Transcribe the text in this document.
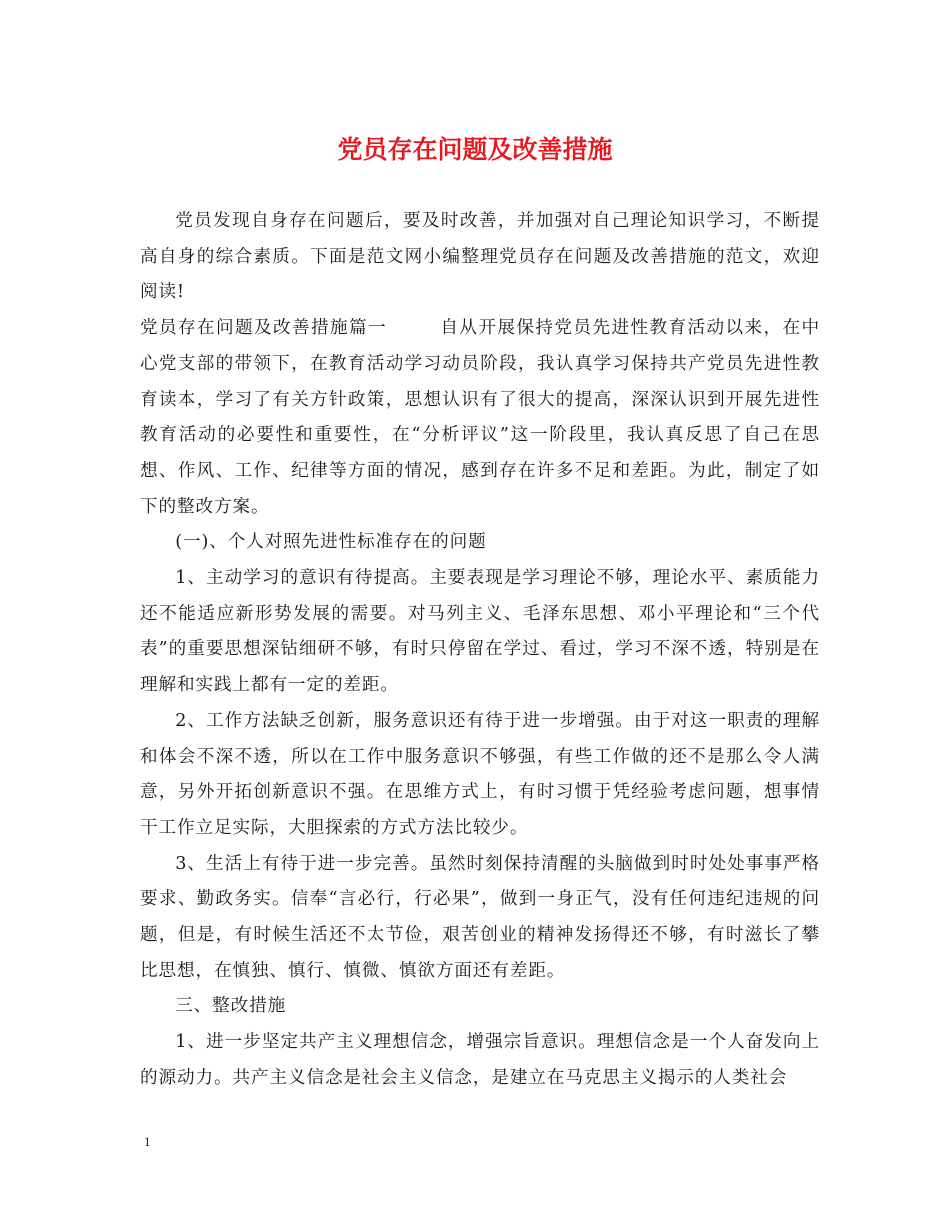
党员存在问题及改善措施

党员发现自身存在问题后，要及时改善，并加强对自己理论知识学习，不断提高自身的综合素质。下面是范文网小编整理党员存在问题及改善措施的范文，欢迎阅读!

党员存在问题及改善措施篇一	自从开展保持党员先进性教育活动以来，在中心党支部的带领下，在教育活动学习动员阶段，我认真学习保持共产党员先进性教育读本，学习了有关方针政策，思想认识有了很大的提高，深深认识到开展先进性教育活动的必要性和重要性，在“分析评议”这一阶段里，我认真反思了自己在思想、作风、工作、纪律等方面的情况，感到存在许多不足和差距。为此，制定了如下的整改方案。

(一)、个人对照先进性标准存在的问题

1、主动学习的意识有待提高。主要表现是学习理论不够，理论水平、素质能力还不能适应新形势发展的需要。对马列主义、毛泽东思想、邓小平理论和“三个代表”的重要思想深钻细研不够，有时只停留在学过、看过，学习不深不透，特别是在理解和实践上都有一定的差距。

2、工作方法缺乏创新，服务意识还有待于进一步增强。由于对这一职责的理解和体会不深不透，所以在工作中服务意识不够强，有些工作做的还不是那么令人满意，另外开拓创新意识不强。在思维方式上，有时习惯于凭经验考虑问题，想事情干工作立足实际，大胆探索的方式方法比较少。

3、生活上有待于进一步完善。虽然时刻保持清醒的头脑做到时时处处事事严格要求、勤政务实。信奉“言必行，行必果”，做到一身正气，没有任何违纪违规的问题，但是，有时候生活还不太节俭，艰苦创业的精神发扬得还不够，有时滋长了攀比思想，在慎独、慎行、慎微、慎欲方面还有差距。

三、整改措施

1、进一步坚定共产主义理想信念，增强宗旨意识。理想信念是一个人奋发向上的源动力。共产主义信念是社会主义信念，是建立在马克思主义揭示的人类社会

1
